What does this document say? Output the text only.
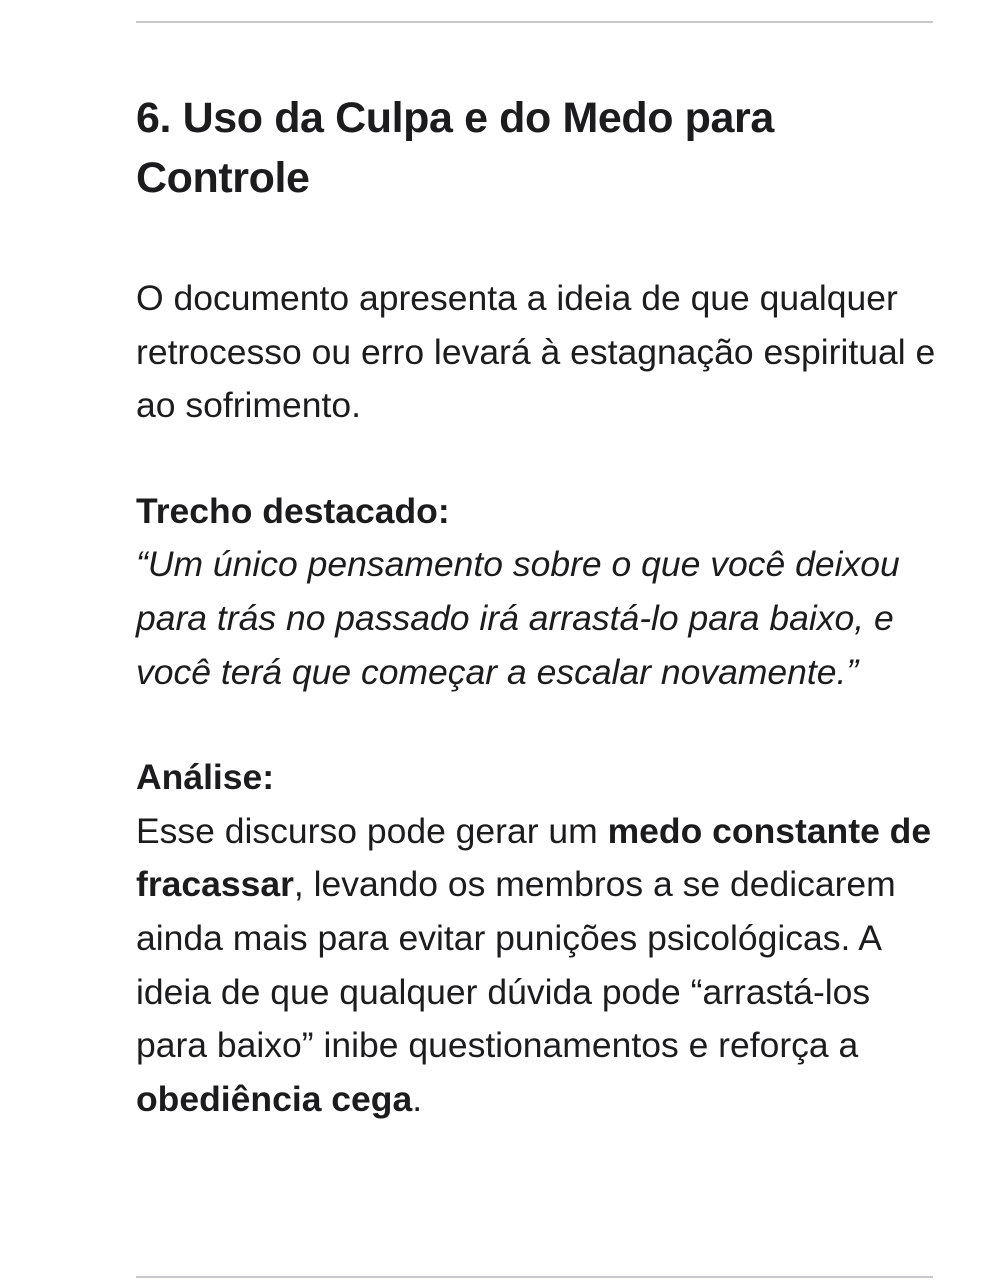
6. Uso da Culpa e do Medo para Controle

O documento apresenta a ideia de que qualquer retrocesso ou erro levará à estagnação espiritual e ao sofrimento.

Trecho destacado:
“Um único pensamento sobre o que você deixou para trás no passado irá arrastá-lo para baixo, e você terá que começar a escalar novamente.”
Análise:
Esse discurso pode gerar um medo constante de fracassar, levando os membros a se dedicarem ainda mais para evitar punições psicológicas. A ideia de que qualquer dúvida pode “arrastá-los para baixo” inibe questionamentos e reforça a obediência cega.
